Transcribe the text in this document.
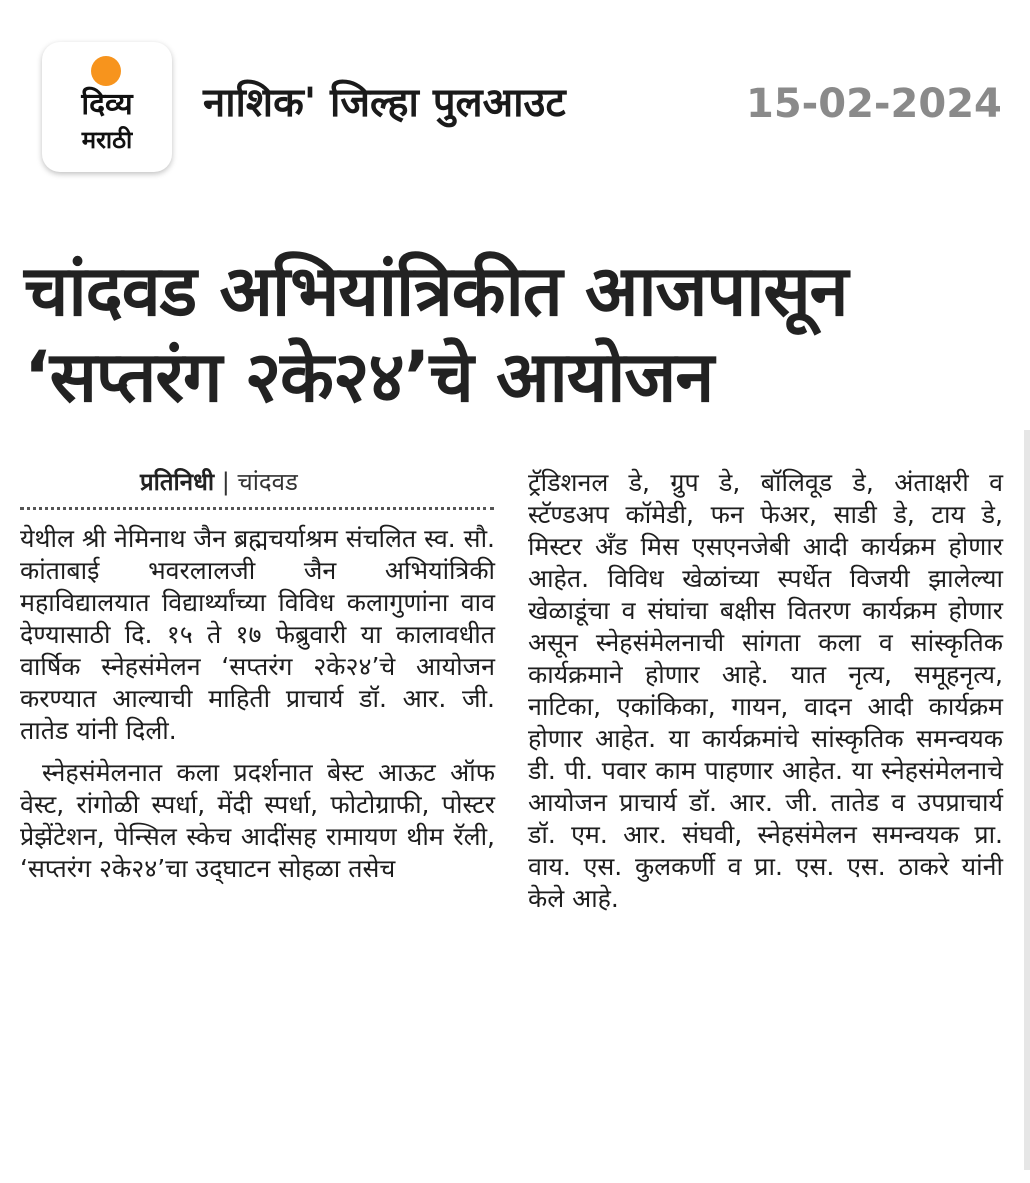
दिव्य
मराठी
नाशिक' जिल्हा पुलआउट	15-02-2024
चांदवड अभियांत्रिकीत आजपासून
‘सप्तरंग २के२४’चे आयोजन
प्रतिनिधी | चांदवड

येथील श्री नेमिनाथ जैन ब्रह्मचर्याश्रम संचलित स्व. सौ. कांताबाई भवरलालजी जैन अभियांत्रिकी महाविद्यालयात विद्यार्थ्यांच्या विविध कलागुणांना वाव देण्यासाठी दि. १५ ते १७ फेब्रुवारी या कालावधीत वार्षिक स्नेहसंमेलन ‘सप्तरंग २के२४’चे आयोजन करण्यात आल्याची माहिती प्राचार्य डॉ. आर. जी. तातेड यांनी दिली.

स्नेहसंमेलनात कला प्रदर्शनात बेस्ट आऊट ऑफ वेस्ट, रांगोळी स्पर्धा, मेंदी स्पर्धा, फोटोग्राफी, पोस्टर प्रेझेंटेशन, पेन्सिल स्केच आदींसह रामायण थीम रॅली, ‘सप्तरंग २के२४’चा उद्‌घाटन सोहळा तसेच

ट्रॅडिशनल डे, ग्रुप डे, बॉलिवूड डे, अंताक्षरी व स्टॅण्डअप कॉमेडी, फन फेअर, साडी डे, टाय डे, मिस्टर अँड मिस एसएनजेबी आदी कार्यक्रम होणार आहेत. विविध खेळांच्या स्पर्धेत विजयी झालेल्या खेळाडूंचा व संघांचा बक्षीस वितरण कार्यक्रम होणार असून स्नेहसंमेलनाची सांगता कला व सांस्कृतिक कार्यक्रमाने होणार आहे. यात नृत्य, समूहनृत्य, नाटिका, एकांकिका, गायन, वादन आदी कार्यक्रम होणार आहेत. या कार्यक्रमांचे सांस्कृतिक समन्वयक डी. पी. पवार काम पाहणार आहेत. या स्नेहसंमेलनाचे आयोजन प्राचार्य डॉ. आर. जी. तातेड व उपप्राचार्य डॉ. एम. आर. संघवी, स्नेहसंमेलन समन्वयक प्रा. वाय. एस. कुलकर्णी व प्रा. एस. एस. ठाकरे यांनी केले आहे.
